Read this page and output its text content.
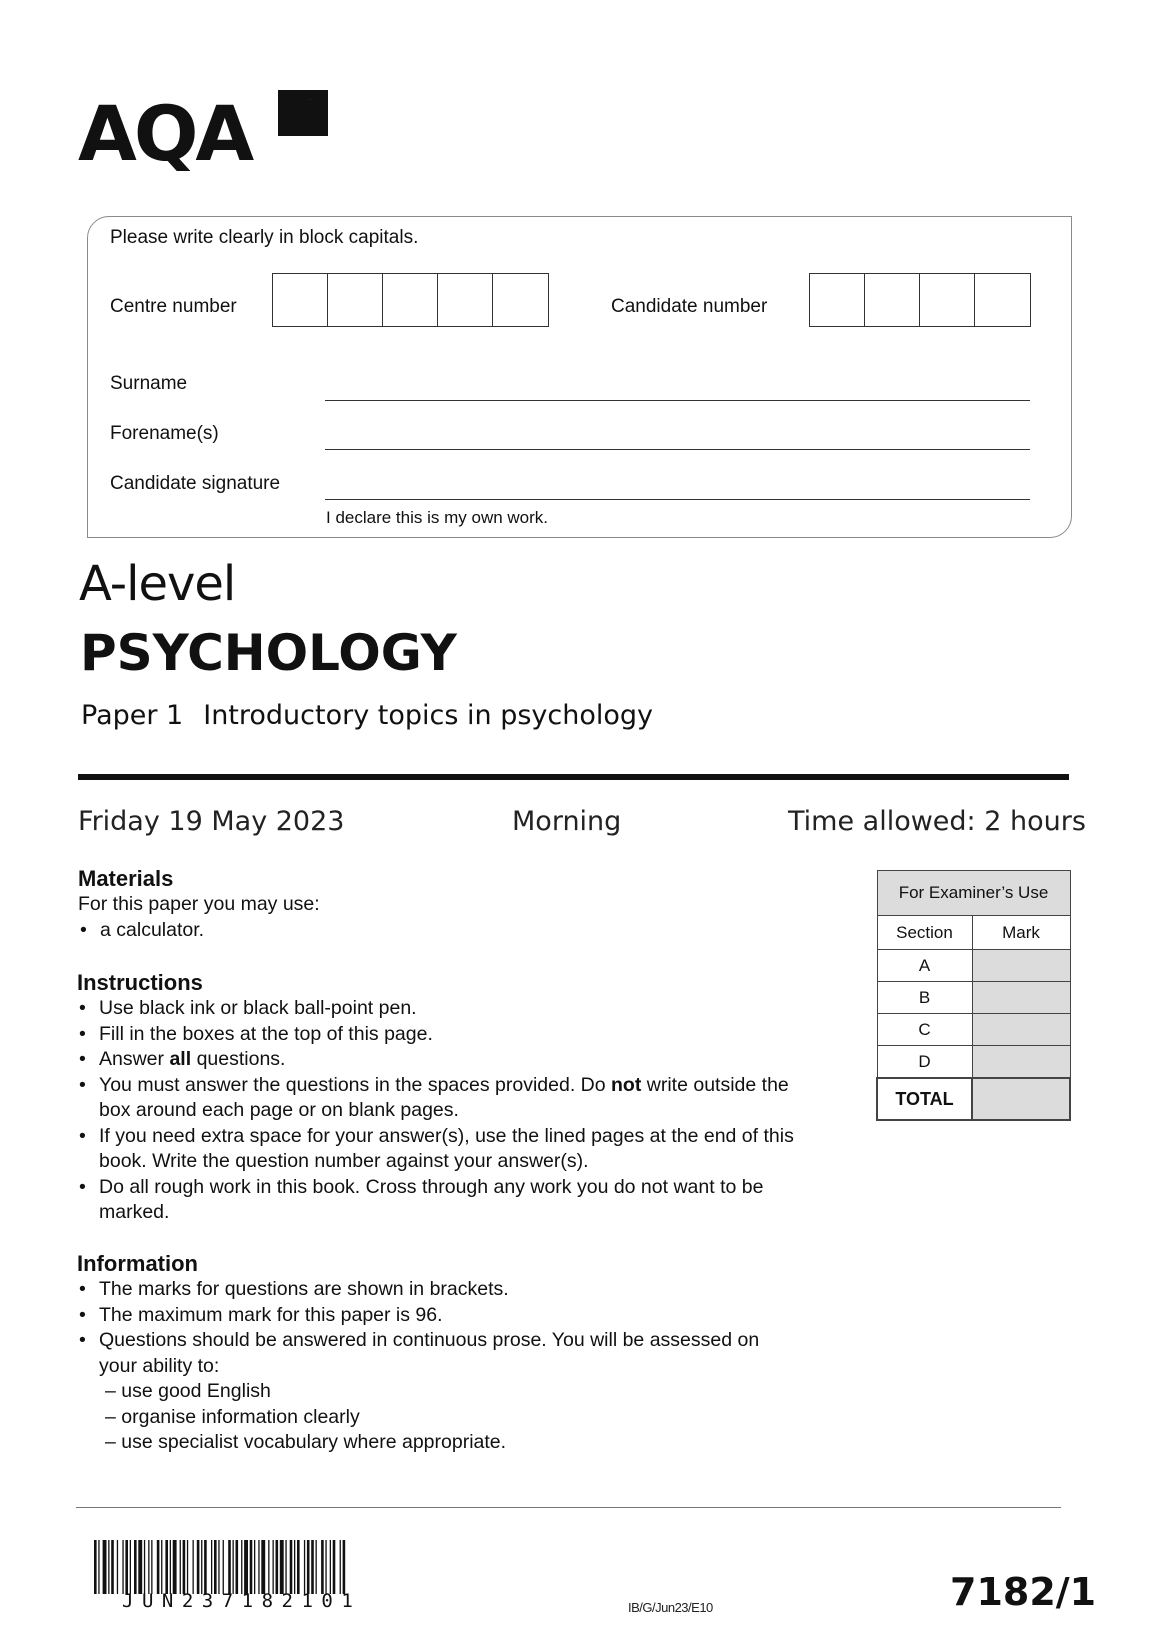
AQA
Please write clearly in block capitals.
Centre number	Candidate number
Surname
Forename(s)
Candidate signature
I declare this is my own work.
A-level
PSYCHOLOGY
Paper 1 Introductory topics in psychology
Friday 19 May 2023	Morning	Time allowed: 2 hours
Materials
For this paper you may use:
• a calculator.
Instructions
• Use black ink or black ball-point pen.
• Fill in the boxes at the top of this page.
• Answer all questions.
• You must answer the questions in the spaces provided. Do not write outside the box around each page or on blank pages.
• If you need extra space for your answer(s), use the lined pages at the end of this book. Write the question number against your answer(s).
• Do all rough work in this book. Cross through any work you do not want to be marked.
Information
• The marks for questions are shown in brackets.
• The maximum mark for this paper is 96.
• Questions should be answered in continuous prose. You will be assessed on your ability to:
– use good English
– organise information clearly
– use specialist vocabulary where appropriate.
For Examiner’s Use	
Section	Mark
A	
B	
C	
D	
TOTAL	
JUN237182101	IB/G/Jun23/E10	7182/1
